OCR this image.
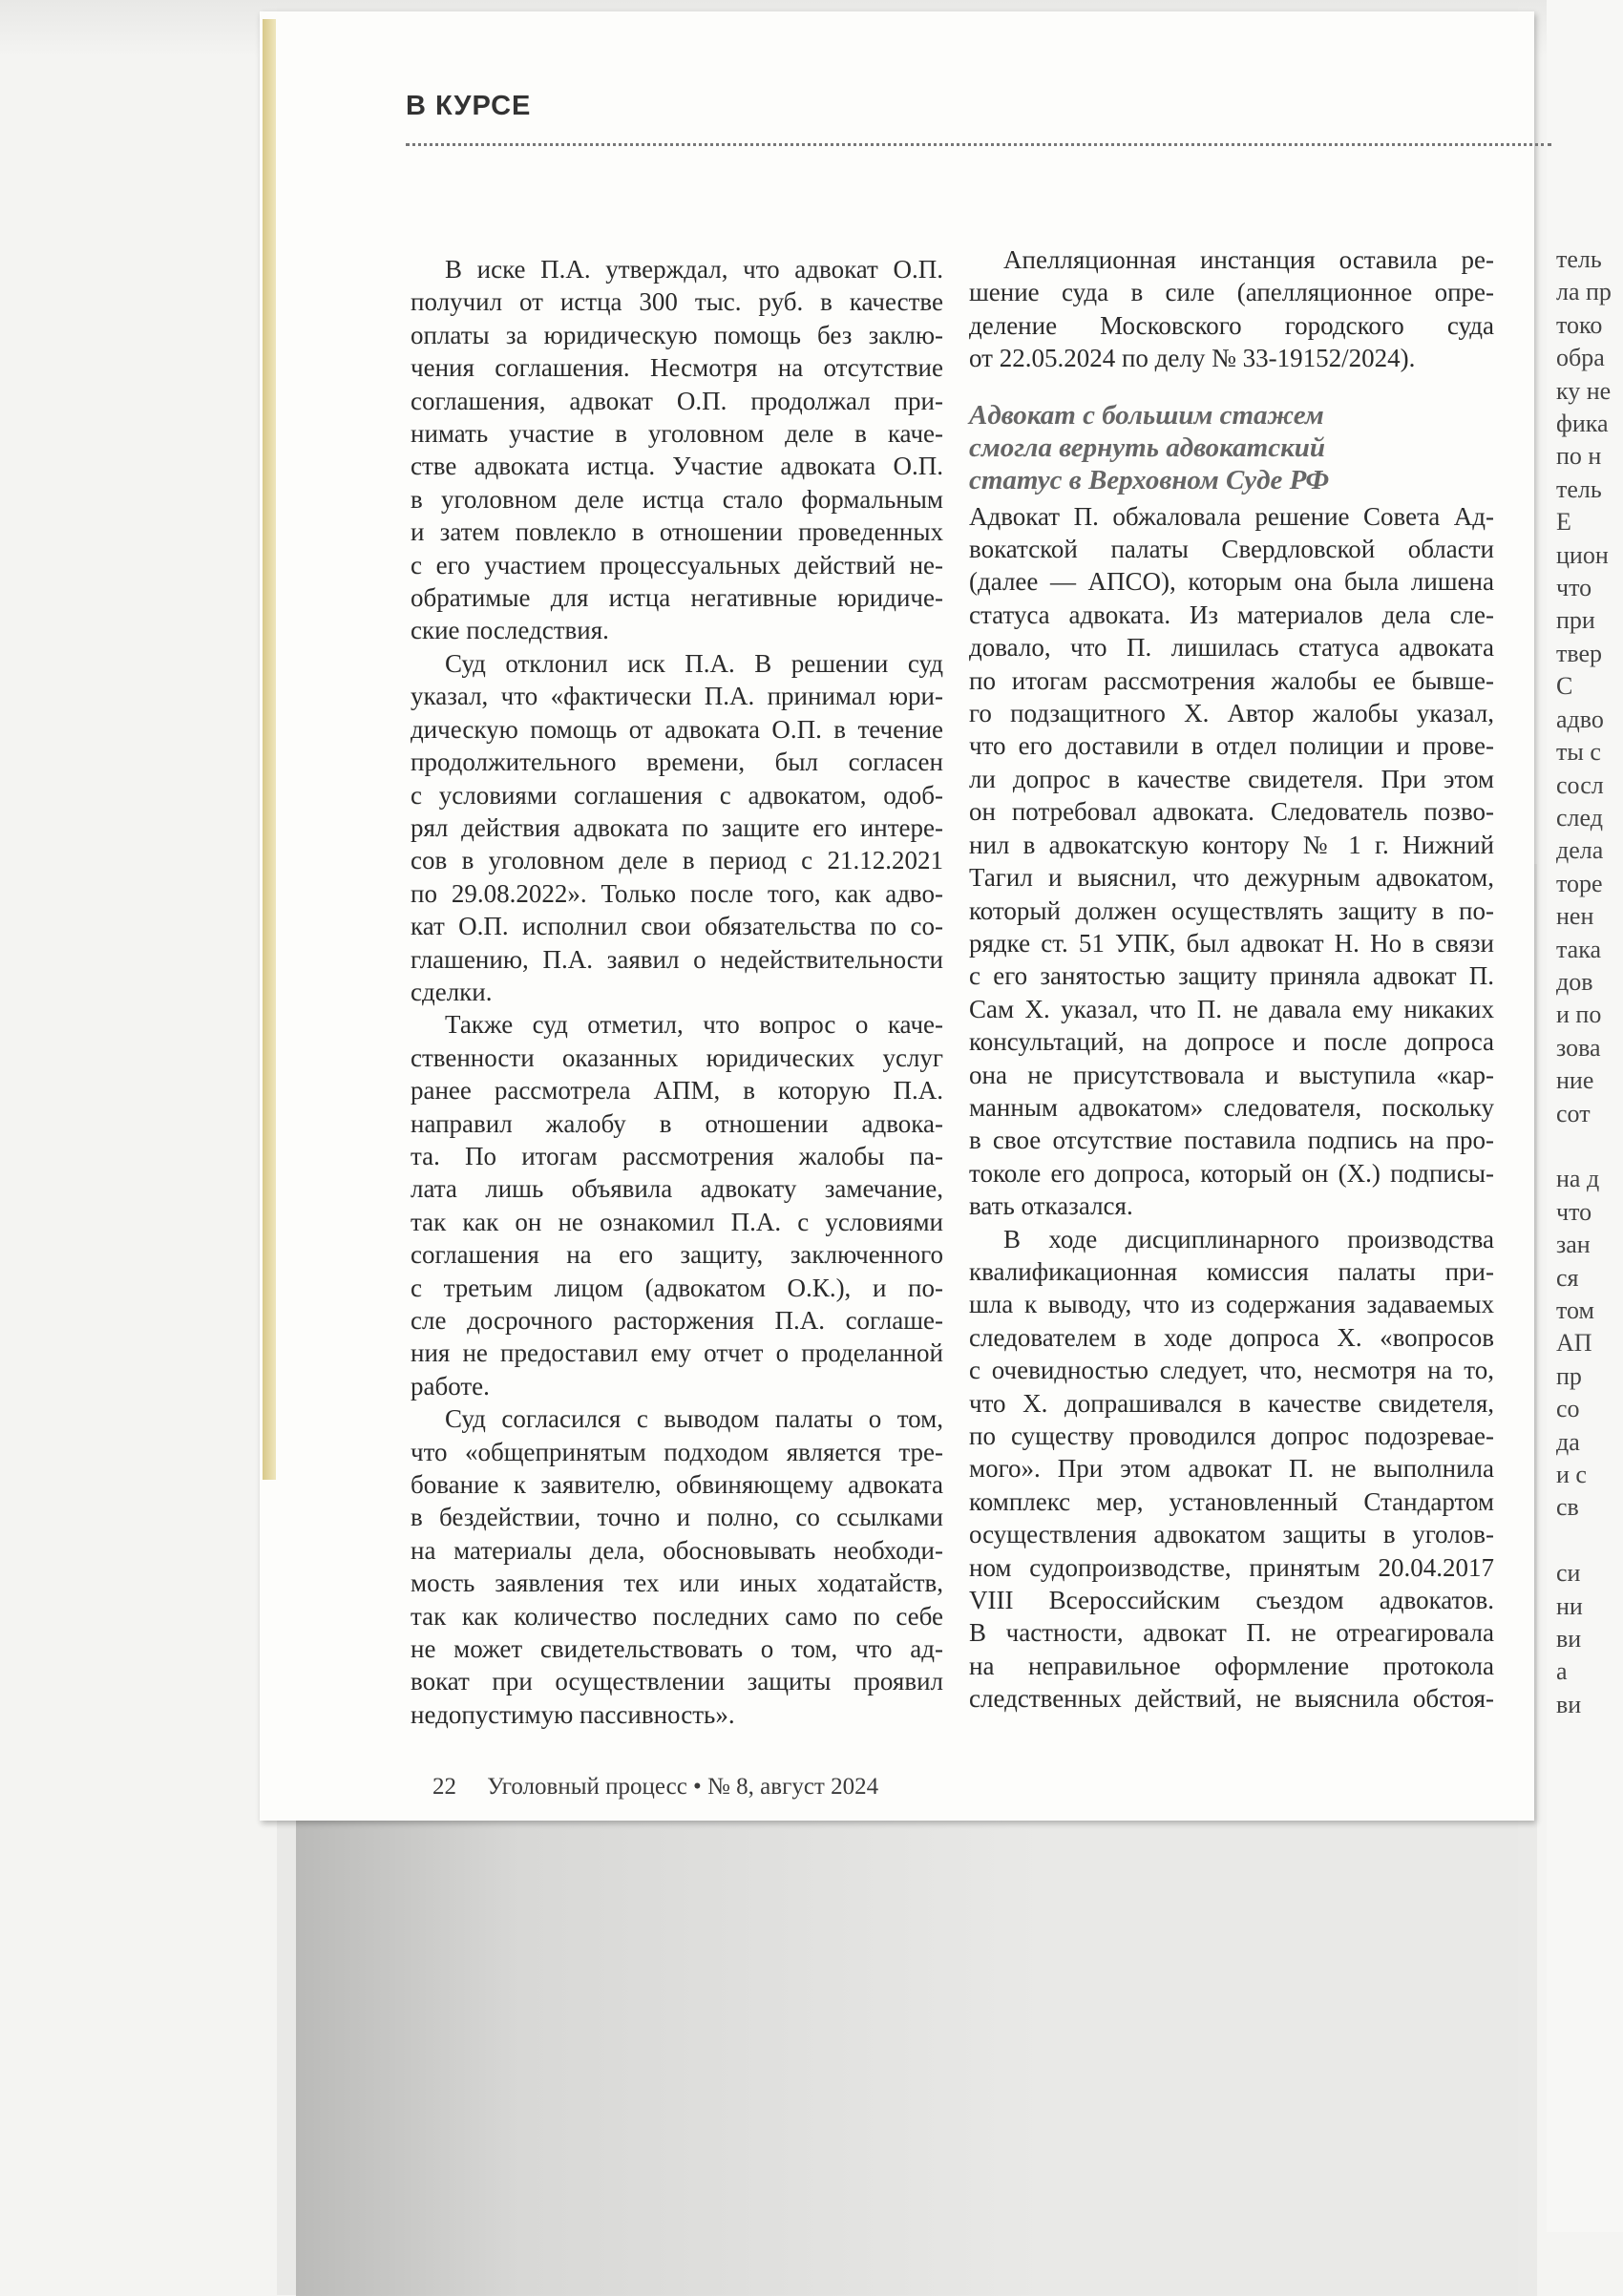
В КУРСЕ
В иске П.А. утверждал, что адвокат О.П.
получил от истца 300 тыс. руб. в качестве
оплаты за юридическую помощь без заклю-
чения соглашения. Несмотря на отсутствие
соглашения, адвокат О.П. продолжал при-
нимать участие в уголовном деле в каче-
стве адвоката истца. Участие адвоката О.П.
в уголовном деле истца стало формальным
и затем повлекло в отношении проведенных
с его участием процессуальных действий не-
обратимые для истца негативные юридиче-
ские последствия.
Суд отклонил иск П.А. В решении суд
указал, что «фактически П.А. принимал юри-
дическую помощь от адвоката О.П. в течение
продолжительного времени, был согласен
с условиями соглашения с адвокатом, одоб-
рял действия адвоката по защите его интере-
сов в уголовном деле в период с 21.12.2021
по 29.08.2022». Только после того, как адво-
кат О.П. исполнил свои обязательства по со-
глашению, П.А. заявил о недействительности
сделки.
Также суд отметил, что вопрос о каче-
ственности оказанных юридических услуг
ранее рассмотрела АПМ, в которую П.А.
направил жалобу в отношении адвока-
та. По итогам рассмотрения жалобы па-
лата лишь объявила адвокату замечание,
так как он не ознакомил П.А. с условиями
соглашения на его защиту, заключенного
с третьим лицом (адвокатом О.К.), и по-
сле досрочного расторжения П.А. соглаше-
ния не предоставил ему отчет о проделанной
работе.
Суд согласился с выводом палаты о том,
что «общепринятым подходом является тре-
бование к заявителю, обвиняющему адвоката
в бездействии, точно и полно, со ссылками
на материалы дела, обосновывать необходи-
мость заявления тех или иных ходатайств,
так как количество последних само по себе
не может свидетельствовать о том, что ад-
вокат при осуществлении защиты проявил
недопустимую пассивность».
Апелляционная инстанция оставила ре-
шение суда в силе (апелляционное опре-
деление Московского городского суда
от 22.05.2024 по делу № 33-19152/2024).
Адвокат с большим стажем
смогла вернуть адвокатский
статус в Верховном Суде РФ
Адвокат П. обжаловала решение Совета Ад-
вокатской палаты Свердловской области
(далее — АПСО), которым она была лишена
статуса адвоката. Из материалов дела сле-
довало, что П. лишилась статуса адвоката
по итогам рассмотрения жалобы ее бывше-
го подзащитного Х. Автор жалобы указал,
что его доставили в отдел полиции и прове-
ли допрос в качестве свидетеля. При этом
он потребовал адвоката. Следователь позво-
нил в адвокатскую контору № 1 г. Нижний
Тагил и выяснил, что дежурным адвокатом,
который должен осуществлять защиту в по-
рядке ст. 51 УПК, был адвокат Н. Но в связи
с его занятостью защиту приняла адвокат П.
Сам Х. указал, что П. не давала ему никаких
консультаций, на допросе и после допроса
она не присутствовала и выступила «кар-
манным адвокатом» следователя, поскольку
в свое отсутствие поставила подпись на про-
токоле его допроса, который он (Х.) подписы-
вать отказался.
В ходе дисциплинарного производства
квалификационная комиссия палаты при-
шла к выводу, что из содержания задаваемых
следователем в ходе допроса Х. «вопросов
с очевидностью следует, что, несмотря на то,
что Х. допрашивался в качестве свидетеля,
по существу проводился допрос подозревае-
мого». При этом адвокат П. не выполнила
комплекс мер, установленный Стандартом
осуществления адвокатом защиты в уголов-
ном судопроизводстве, принятым 20.04.2017
VIII Всероссийским съездом адвокатов.
В частности, адвокат П. не отреагировала
на неправильное оформление протокола
следственных действий, не выяснила обстоя-
тель
ла пр
токо
обра
ку не
фика
по н
тель
Е
цион
что
при
твер
С
адво
ты с
сосл
след
дела
торе
нен
така
дов
и по
зова
ние
сот

на д
что
зан
ся
том
АП
пр
со
да
и с
св

си
ни
ви
а
ви
22 Уголовный процесс • № 8, август 2024
